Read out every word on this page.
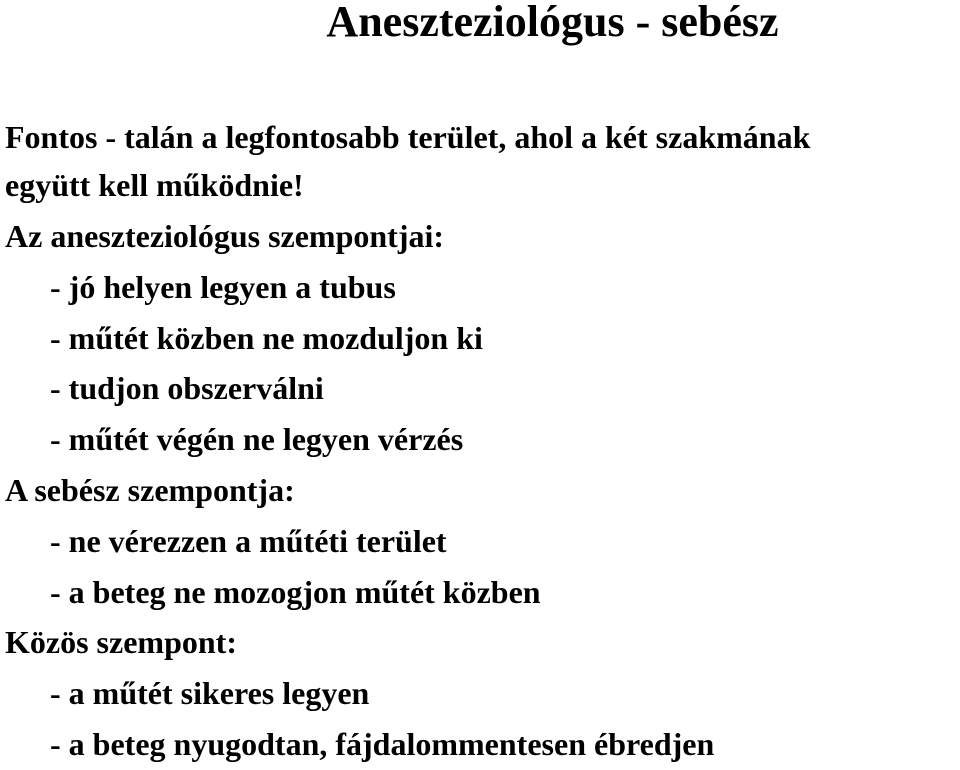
Aneszteziológus - sebész

Fontos - talán a legfontosabb terület, ahol a két szakmának

együtt kell működnie!

Az aneszteziológus szempontjai:

- jó helyen legyen a tubus

- műtét közben ne mozduljon ki

- tudjon obszerválni

- műtét végén ne legyen vérzés

A sebész szempontja:

- ne vérezzen a műtéti terület

- a beteg ne mozogjon műtét közben

Közös szempont:

- a műtét sikeres legyen

- a beteg nyugodtan, fájdalommentesen ébredjen
